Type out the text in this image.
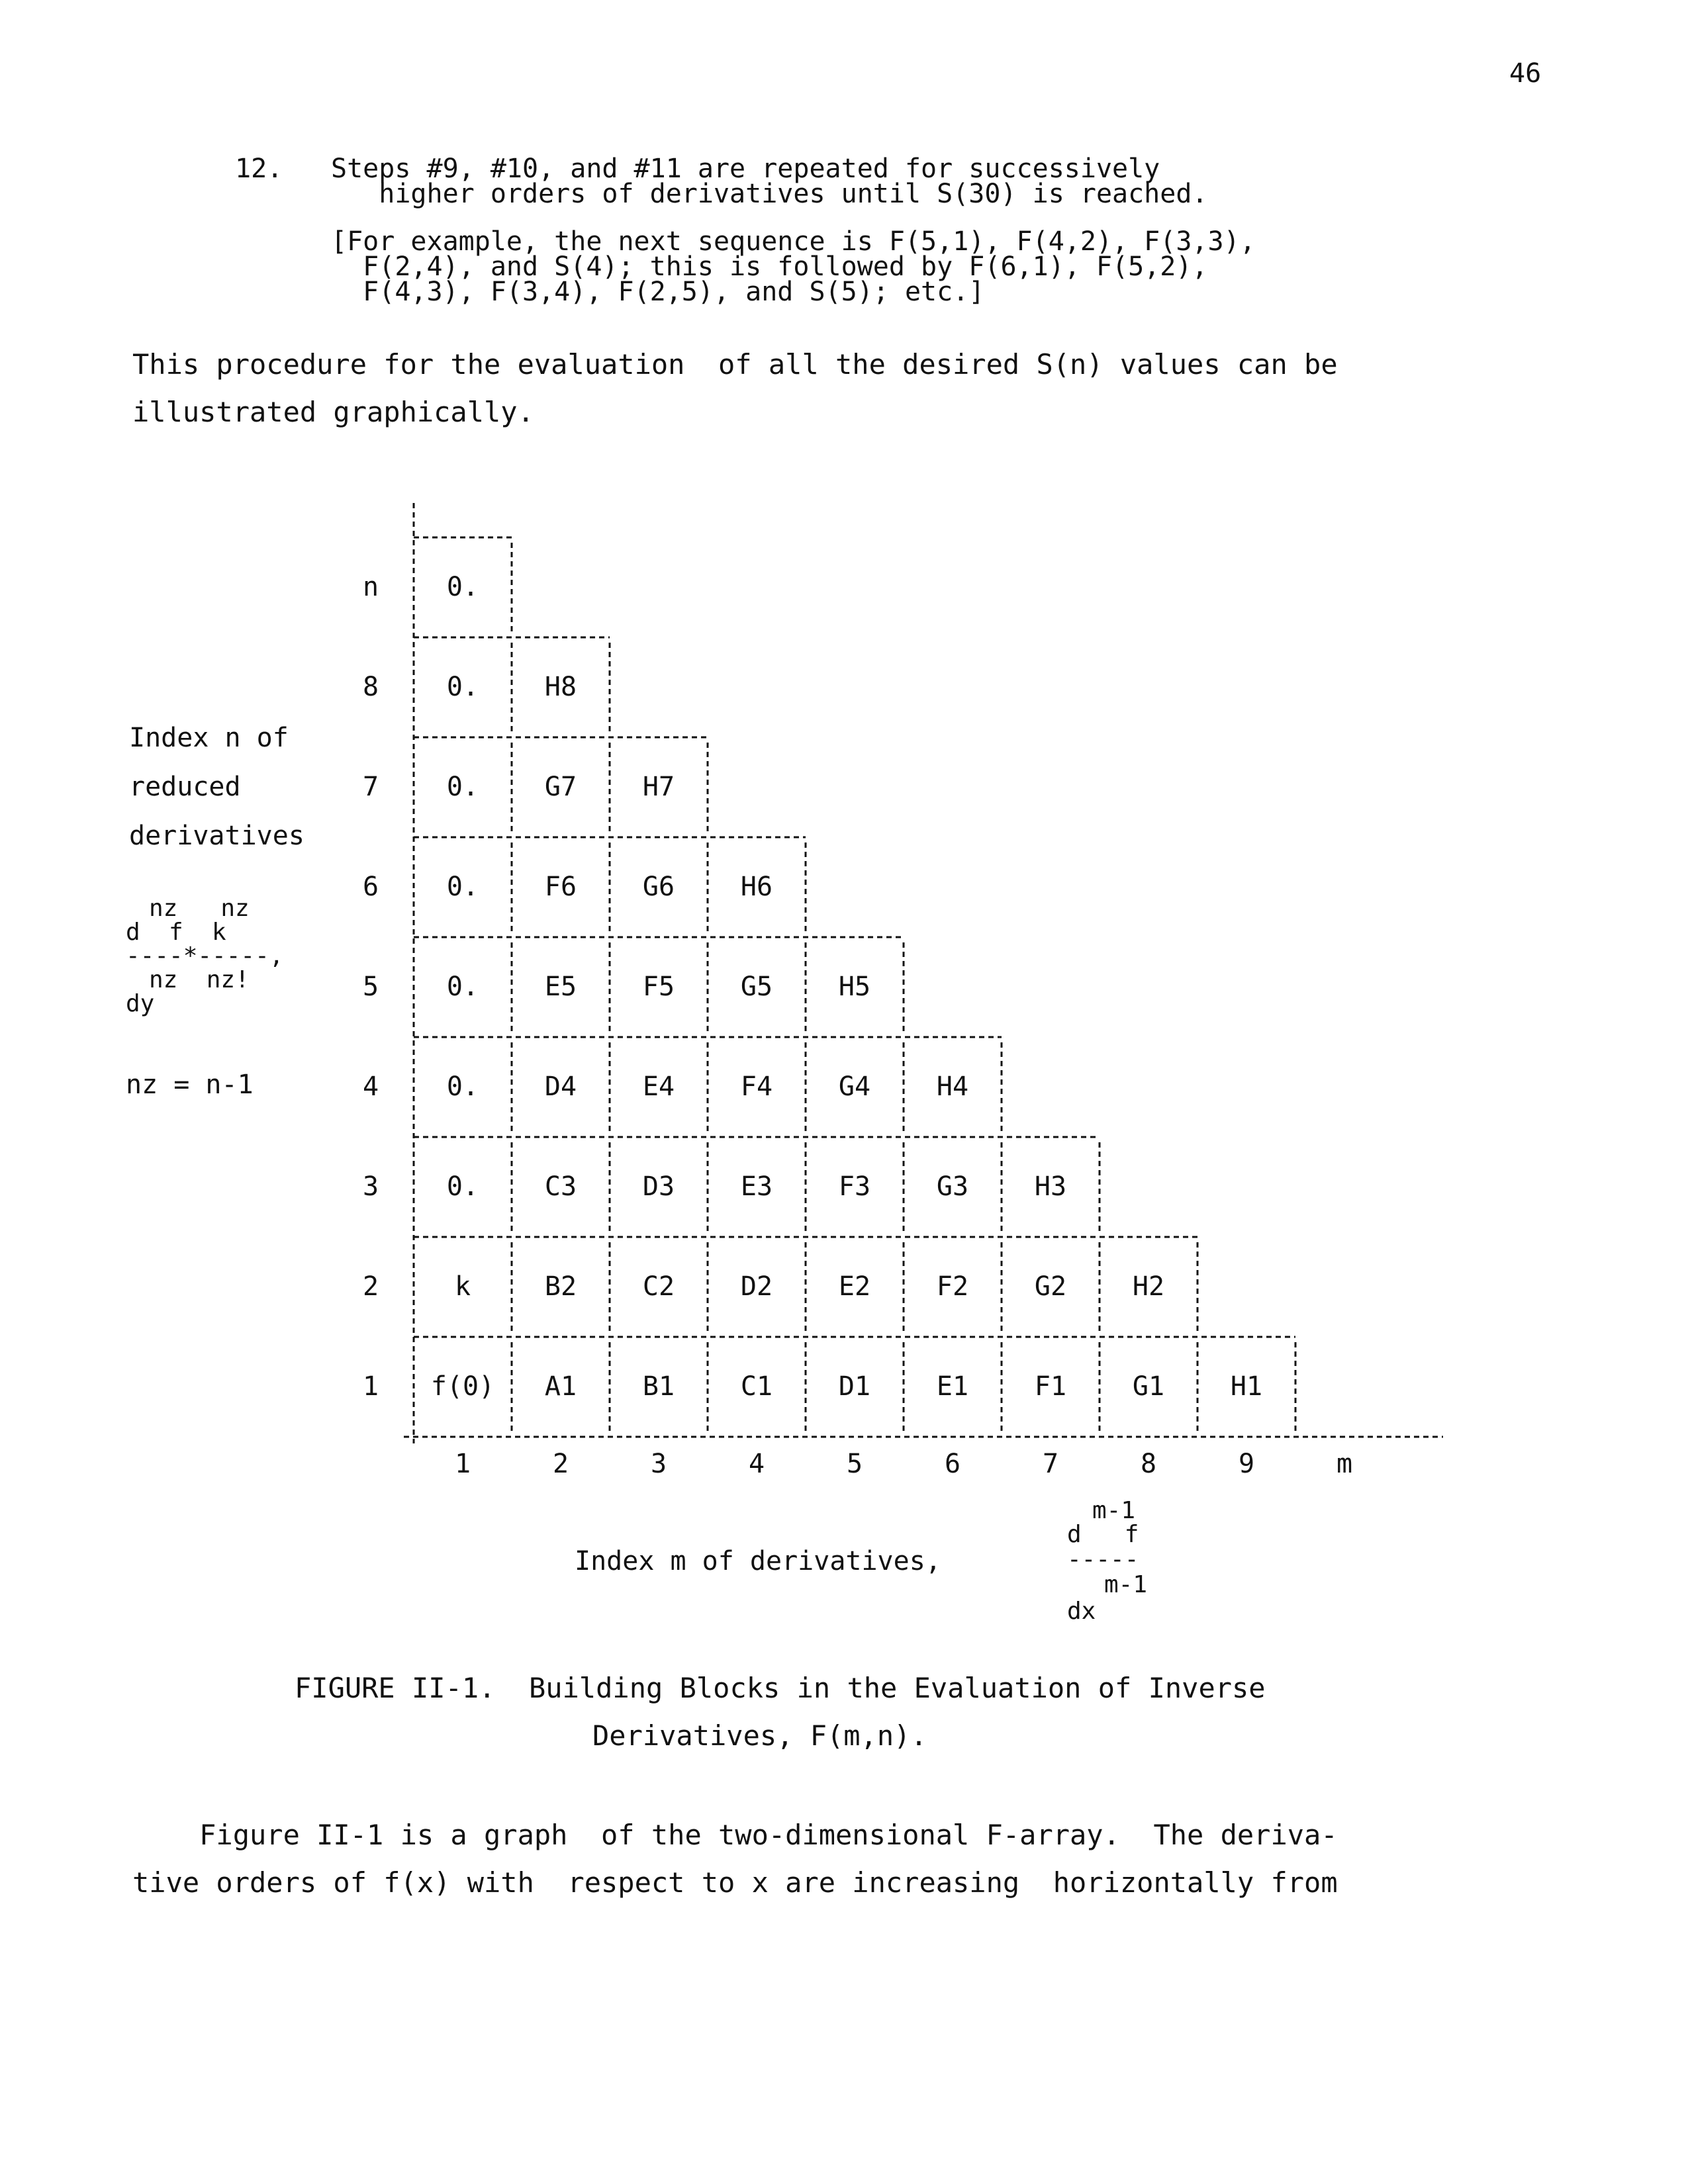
46
12. Steps #9, #10, and #11 are repeated for successively
higher orders of derivatives until S(30) is reached.
[For example, the next sequence is F(5,1), F(4,2), F(3,3),
F(2,4), and S(4); this is followed by F(6,1), F(5,2),
F(4,3), F(3,4), F(2,5), and S(5); etc.]
This procedure for the evaluation  of all the desired S(n) values can be
illustrated graphically.
Index n of
reduced
derivatives
nz   nz
d  f  k
----*-----,
nz  nz!
dy
nz = n-1
n	0.
8	0.	H8
7	0.	G7	H7
6	0.	F6	G6	H6
5	0.	E5	F5	G5	H5
4	0.	D4	E4	F4	G4	H4
3	0.	C3	D3	E3	F3	G3	H3
2	k	B2	C2	D2	E2	F2	G2	H2
1	f(0)	A1	B1	C1	D1	E1	F1	G1	H1
1	2	3	4	5	6	7	8	9	m
Index m of derivatives,
m-1
d   f
-----
m-1
dx
FIGURE II-1.  Building Blocks in the Evaluation of Inverse
Derivatives, F(m,n).
Figure II-1 is a graph  of the two-dimensional F-array.  The deriva-
tive orders of f(x) with  respect to x are increasing  horizontally from
